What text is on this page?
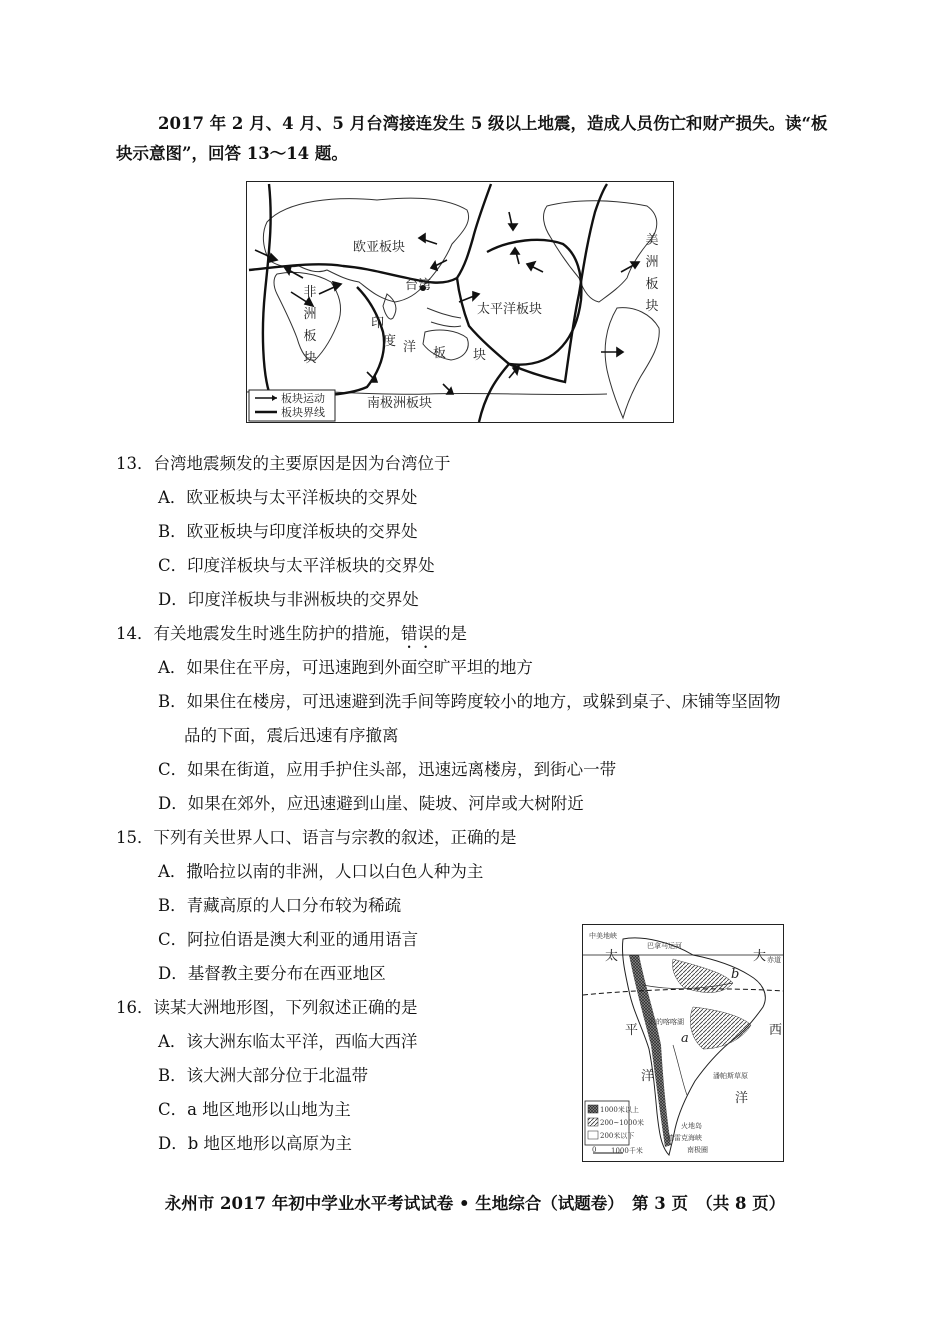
2017 年 2 月、4 月、5 月台湾接连发生 5 级以上地震，造成人员伤亡和财产损失。读“板
块示意图”，回答 13～14 题。
欧亚板块
台湾
太平洋板块
非
洲
板
块
印
度 洋 板 块
美
洲
板
块
南极洲板块
板块运动
板块界线
13．台湾地震频发的主要原因是因为台湾位于
A．欧亚板块与太平洋板块的交界处
B．欧亚板块与印度洋板块的交界处
C．印度洋板块与太平洋板块的交界处
D．印度洋板块与非洲板块的交界处
14．有关地震发生时逃生防护的措施，错误的是
A．如果住在平房，可迅速跑到外面空旷平坦的地方
B．如果住在楼房，可迅速避到洗手间等跨度较小的地方，或躲到桌子、床铺等坚固物
品的下面，震后迅速有序撤离
C．如果在街道，应用手护住头部，迅速远离楼房，到街心一带
D．如果在郊外，应迅速避到山崖、陡坡、河岸或大树附近
15．下列有关世界人口、语言与宗教的叙述，正确的是
A．撒哈拉以南的非洲，人口以白色人种为主
B．青藏高原的人口分布较为稀疏
C．阿拉伯语是澳大利亚的通用语言
D．基督教主要分布在西亚地区
16．读某大洲地形图，下列叙述正确的是
A．该大洲东临太平洋，西临大西洋
B．该大洲大部分位于北温带
C．a 地区地形以山地为主
D．b 地区地形以高原为主
中美地峡
巴拿马运河
太
平
洋
大
西
洋
赤道
a
b
的的喀喀湖
潘帕斯草原
火地岛
德雷克海峡
南极圈
1000米以上
200~1000米
200米以下
0 1000千米
永州市 2017 年初中学业水平考试试卷 • 生地综合（试题卷）　第 3 页　（共 8 页）
